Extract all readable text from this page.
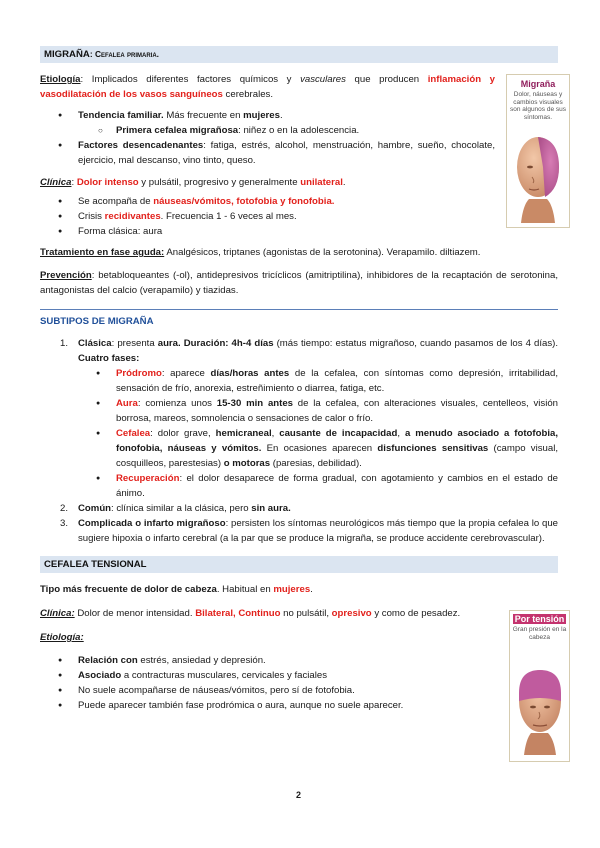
MIGRAÑA: Cefalea primaria.

Etiología: Implicados diferentes factores químicos y vasculares que producen inflamación y vasodilatación de los vasos sanguíneos cerebrales.

● Tendencia familiar. Más frecuente en mujeres.
○ Primera cefalea migrañosa: niñez o en la adolescencia.
● Factores desencadenantes: fatiga, estrés, alcohol, menstruación, hambre, sueño, chocolate, ejercicio, mal descanso, vino tinto, queso.

Clínica: Dolor intenso y pulsátil, progresivo y generalmente unilateral.

● Se acompaña de náuseas/vómitos, fotofobia y fonofobia.
● Crisis recidivantes. Frecuencia 1 - 6 veces al mes.
● Forma clásica: aura

Tratamiento en fase aguda: Analgésicos, triptanes (agonistas de la serotonina). Verapamilo. diltiazem.

Prevención: betabloqueantes (-ol), antidepresivos tricíclicos (amitriptilina), inhibidores de la recaptación de serotonina, antagonistas del calcio (verapamilo) y tiazidas.

SUBTIPOS DE MIGRAÑA
1. Clásica: presenta aura. Duración: 4h-4 días (más tiempo: estatus migrañoso, cuando pasamos de los 4 días). Cuatro fases:
● Pródromo: aparece días/horas antes de la cefalea, con síntomas como depresión, irritabilidad, sensación de frío, anorexia, estreñimiento o diarrea, fatiga, etc.
● Aura: comienza unos 15-30 min antes de la cefalea, con alteraciones visuales, centelleos, visión borrosa, mareos, somnolencia o sensaciones de calor o frío.
● Cefalea: dolor grave, hemicraneal, causante de incapacidad, a menudo asociado a fotofobia, fonofobia, náuseas y vómitos. En ocasiones aparecen disfunciones sensitivas (campo visual, cosquilleos, parestesias) o motoras (paresias, debilidad).
● Recuperación: el dolor desaparece de forma gradual, con agotamiento y cambios en el estado de ánimo.
2. Común: clínica similar a la clásica, pero sin aura.
3. Complicada o infarto migrañoso: persisten los síntomas neurológicos más tiempo que la propia cefalea lo que sugiere hipoxia o infarto cerebral (a la par que se produce la migraña, se produce accidente cerebrovascular).
CEFALEA TENSIONAL

Tipo más frecuente de dolor de cabeza. Habitual en mujeres.

Clínica: Dolor de menor intensidad. Bilateral, Continuo no pulsátil, opresivo y como de pesadez.

Etiología:

● Relación con estrés, ansiedad y depresión.
● Asociado a contracturas musculares, cervicales y faciales
● No suele acompañarse de náuseas/vómitos, pero sí de fotofobia.
● Puede aparecer también fase prodrómica o aura, aunque no suele aparecer.
Migraña
Dolor, náuseas y cambios visuales son algunos de sus síntomas.
Por tensión
Gran presión en la cabeza
2
